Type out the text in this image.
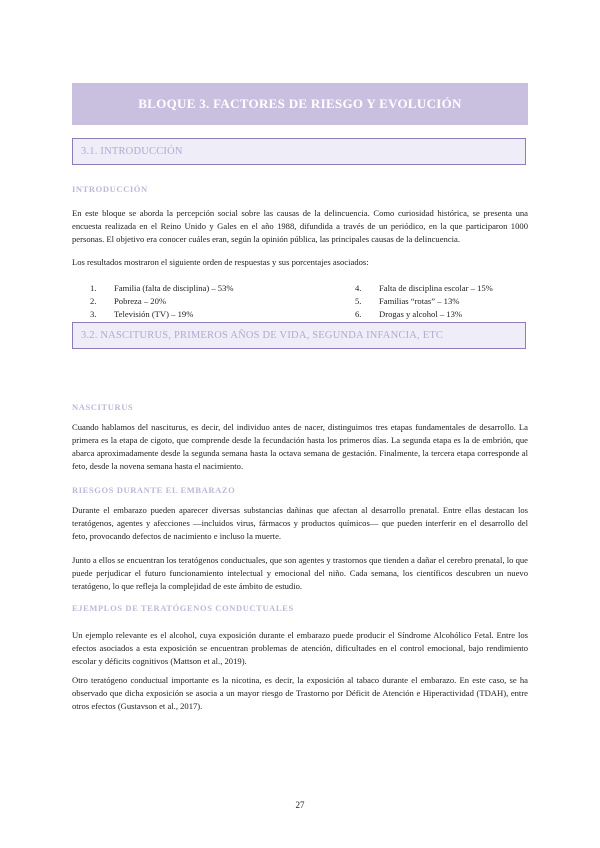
BLOQUE 3. FACTORES DE RIESGO Y EVOLUCIÓN
3.1. INTRODUCCIÓN
INTRODUCCIÓN

En este bloque se aborda la percepción social sobre las causas de la delincuencia. Como curiosidad histórica, se presenta una encuesta realizada en el Reino Unido y Gales en el año 1988, difundida a través de un periódico, en la que participaron 1000 personas. El objetivo era conocer cuáles eran, según la opinión pública, las principales causas de la delincuencia.

Los resultados mostraron el siguiente orden de respuestas y sus porcentajes asociados:

1.	Familia (falta de disciplina) – 53%	4.	Falta de disciplina escolar – 15%
2.	Pobreza – 20%	5.	Familias “rotas” – 13%
3.	Televisión (TV) – 19%	6.	Drogas y alcohol – 13%
3.2. NASCITURUS, PRIMEROS AÑOS DE VIDA, SEGUNDA INFANCIA, ETC
NASCITURUS

Cuando hablamos del nasciturus, es decir, del individuo antes de nacer, distinguimos tres etapas fundamentales de desarrollo. La primera es la etapa de cigoto, que comprende desde la fecundación hasta los primeros días. La segunda etapa es la de embrión, que abarca aproximadamente desde la segunda semana hasta la octava semana de gestación. Finalmente, la tercera etapa corresponde al feto, desde la novena semana hasta el nacimiento.

RIESGOS DURANTE EL EMBARAZO

Durante el embarazo pueden aparecer diversas substancias dañinas que afectan al desarrollo prenatal. Entre ellas destacan los teratógenos, agentes y afecciones —incluidos virus, fármacos y productos químicos— que pueden interferir en el desarrollo del feto, provocando defectos de nacimiento e incluso la muerte.

Junto a ellos se encuentran los teratógenos conductuales, que son agentes y trastornos que tienden a dañar el cerebro prenatal, lo que puede perjudicar el futuro funcionamiento intelectual y emocional del niño. Cada semana, los científicos descubren un nuevo teratógeno, lo que refleja la complejidad de este ámbito de estudio.

EJEMPLOS DE TERATÓGENOS CONDUCTUALES

Un ejemplo relevante es el alcohol, cuya exposición durante el embarazo puede producir el Síndrome Alcohólico Fetal. Entre los efectos asociados a esta exposición se encuentran problemas de atención, dificultades en el control emocional, bajo rendimiento escolar y déficits cognitivos (Mattson et al., 2019).

Otro teratógeno conductual importante es la nicotina, es decir, la exposición al tabaco durante el embarazo. En este caso, se ha observado que dicha exposición se asocia a un mayor riesgo de Trastorno por Déficit de Atención e Hiperactividad (TDAH), entre otros efectos (Gustavson et al., 2017).

27
